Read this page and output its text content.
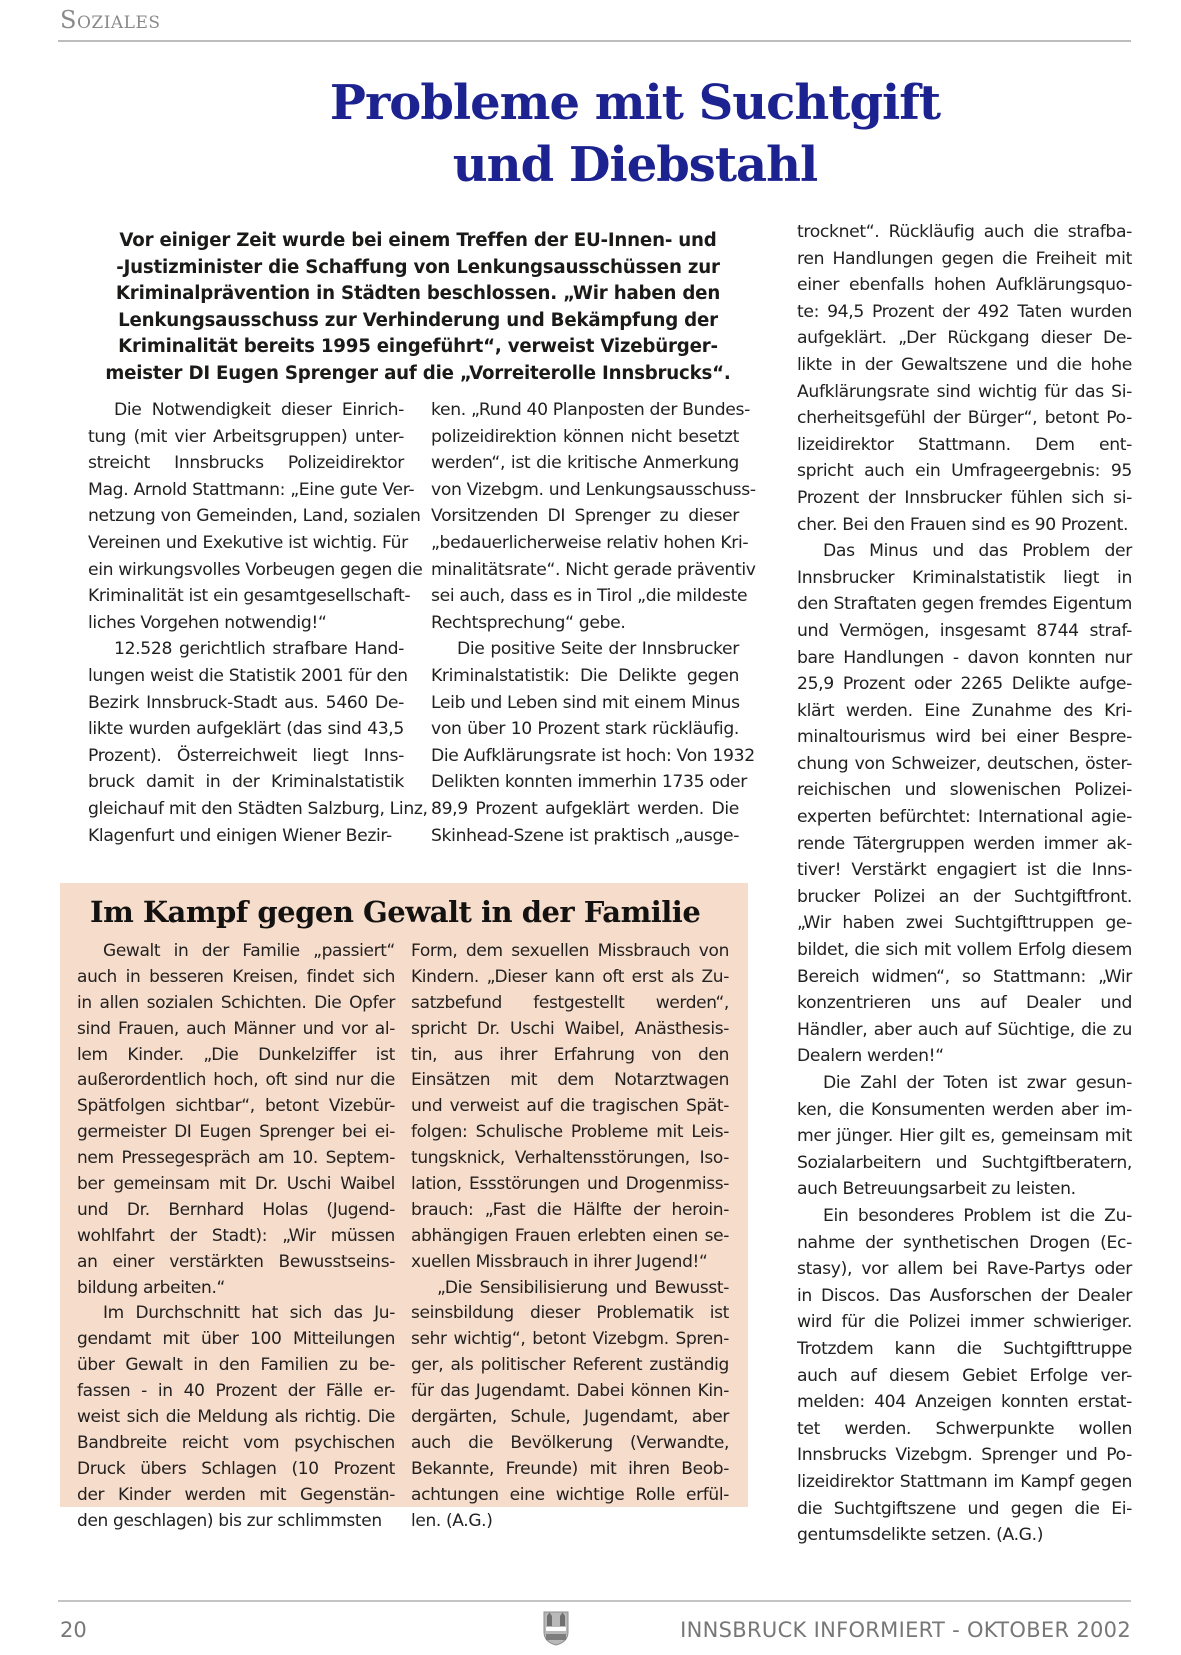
Soziales
Probleme mit Suchtgift
und Diebstahl
Vor einiger Zeit wurde bei einem Treffen der EU-Innen- und
-Justizminister die Schaffung von Lenkungsausschüssen zur
Kriminalprävention in Städten beschlossen. „Wir haben den
Lenkungsausschuss zur Verhinderung und Bekämpfung der
Kriminalität bereits 1995 eingeführt“, verweist Vizebürger-
meister DI Eugen Sprenger auf die „Vorreiterolle Innsbrucks“.
Die Notwendigkeit dieser Einrich-
tung (mit vier Arbeitsgruppen) unter-
streicht Innsbrucks Polizeidirektor
Mag. Arnold Stattmann: „Eine gute Ver-
netzung von Gemeinden, Land, sozialen
Vereinen und Exekutive ist wichtig. Für
ein wirkungsvolles Vorbeugen gegen die
Kriminalität ist ein gesamtgesellschaft-
liches Vorgehen notwendig!“
12.528 gerichtlich strafbare Hand-
lungen weist die Statistik 2001 für den
Bezirk Innsbruck-Stadt aus. 5460 De-
likte wurden aufgeklärt (das sind 43,5
Prozent). Österreichweit liegt Inns-
bruck damit in der Kriminalstatistik
gleichauf mit den Städten Salzburg, Linz,
Klagenfurt und einigen Wiener Bezir-
ken. „Rund 40 Planposten der Bundes-
polizeidirektion können nicht besetzt
werden“, ist die kritische Anmerkung
von Vizebgm. und Lenkungsausschuss-
Vorsitzenden DI Sprenger zu dieser
„bedauerlicherweise relativ hohen Kri-
minalitätsrate“. Nicht gerade präventiv
sei auch, dass es in Tirol „die mildeste
Rechtsprechung“ gebe.
Die positive Seite der Innsbrucker
Kriminalstatistik: Die Delikte gegen
Leib und Leben sind mit einem Minus
von über 10 Prozent stark rückläufig.
Die Aufklärungsrate ist hoch: Von 1932
Delikten konnten immerhin 1735 oder
89,9 Prozent aufgeklärt werden. Die
Skinhead-Szene ist praktisch „ausge-
trocknet“. Rückläufig auch die strafba-
ren Handlungen gegen die Freiheit mit
einer ebenfalls hohen Aufklärungsquo-
te: 94,5 Prozent der 492 Taten wurden
aufgeklärt. „Der Rückgang dieser De-
likte in der Gewaltszene und die hohe
Aufklärungsrate sind wichtig für das Si-
cherheitsgefühl der Bürger“, betont Po-
lizeidirektor Stattmann. Dem ent-
spricht auch ein Umfrageergebnis: 95
Prozent der Innsbrucker fühlen sich si-
cher. Bei den Frauen sind es 90 Prozent.
Das Minus und das Problem der
Innsbrucker Kriminalstatistik liegt in
den Straftaten gegen fremdes Eigentum
und Vermögen, insgesamt 8744 straf-
bare Handlungen - davon konnten nur
25,9 Prozent oder 2265 Delikte aufge-
klärt werden. Eine Zunahme des Kri-
minaltourismus wird bei einer Bespre-
chung von Schweizer, deutschen, öster-
reichischen und slowenischen Polizei-
experten befürchtet: International agie-
rende Tätergruppen werden immer ak-
tiver! Verstärkt engagiert ist die Inns-
brucker Polizei an der Suchtgiftfront.
„Wir haben zwei Suchtgifttruppen ge-
bildet, die sich mit vollem Erfolg diesem
Bereich widmen“, so Stattmann: „Wir
konzentrieren uns auf Dealer und
Händler, aber auch auf Süchtige, die zu
Dealern werden!“
Die Zahl der Toten ist zwar gesun-
ken, die Konsumenten werden aber im-
mer jünger. Hier gilt es, gemeinsam mit
Sozialarbeitern und Suchtgiftberatern,
auch Betreuungsarbeit zu leisten.
Ein besonderes Problem ist die Zu-
nahme der synthetischen Drogen (Ec-
stasy), vor allem bei Rave-Partys oder
in Discos. Das Ausforschen der Dealer
wird für die Polizei immer schwieriger.
Trotzdem kann die Suchtgifttruppe
auch auf diesem Gebiet Erfolge ver-
melden: 404 Anzeigen konnten erstat-
tet werden. Schwerpunkte wollen
Innsbrucks Vizebgm. Sprenger und Po-
lizeidirektor Stattmann im Kampf gegen
die Suchtgiftszene und gegen die Ei-
gentumsdelikte setzen. (A.G.)
Im Kampf gegen Gewalt in der Familie
Gewalt in der Familie „passiert“
auch in besseren Kreisen, findet sich
in allen sozialen Schichten. Die Opfer
sind Frauen, auch Männer und vor al-
lem Kinder. „Die Dunkelziffer ist
außerordentlich hoch, oft sind nur die
Spätfolgen sichtbar“, betont Vizebür-
germeister DI Eugen Sprenger bei ei-
nem Pressegespräch am 10. Septem-
ber gemeinsam mit Dr. Uschi Waibel
und Dr. Bernhard Holas (Jugend-
wohlfahrt der Stadt): „Wir müssen
an einer verstärkten Bewusstseins-
bildung arbeiten.“
Im Durchschnitt hat sich das Ju-
gendamt mit über 100 Mitteilungen
über Gewalt in den Familien zu be-
fassen - in 40 Prozent der Fälle er-
weist sich die Meldung als richtig. Die
Bandbreite reicht vom psychischen
Druck übers Schlagen (10 Prozent
der Kinder werden mit Gegenstän-
den geschlagen) bis zur schlimmsten
Form, dem sexuellen Missbrauch von
Kindern. „Dieser kann oft erst als Zu-
satzbefund festgestellt werden“,
spricht Dr. Uschi Waibel, Anästhesis-
tin, aus ihrer Erfahrung von den
Einsätzen mit dem Notarztwagen
und verweist auf die tragischen Spät-
folgen: Schulische Probleme mit Leis-
tungsknick, Verhaltensstörungen, Iso-
lation, Essstörungen und Drogenmiss-
brauch: „Fast die Hälfte der heroin-
abhängigen Frauen erlebten einen se-
xuellen Missbrauch in ihrer Jugend!“
„Die Sensibilisierung und Bewusst-
seinsbildung dieser Problematik ist
sehr wichtig“, betont Vizebgm. Spren-
ger, als politischer Referent zuständig
für das Jugendamt. Dabei können Kin-
dergärten, Schule, Jugendamt, aber
auch die Bevölkerung (Verwandte,
Bekannte, Freunde) mit ihren Beob-
achtungen eine wichtige Rolle erfül-
len. (A.G.)
20	INNSBRUCK INFORMIERT - OKTOBER 2002
